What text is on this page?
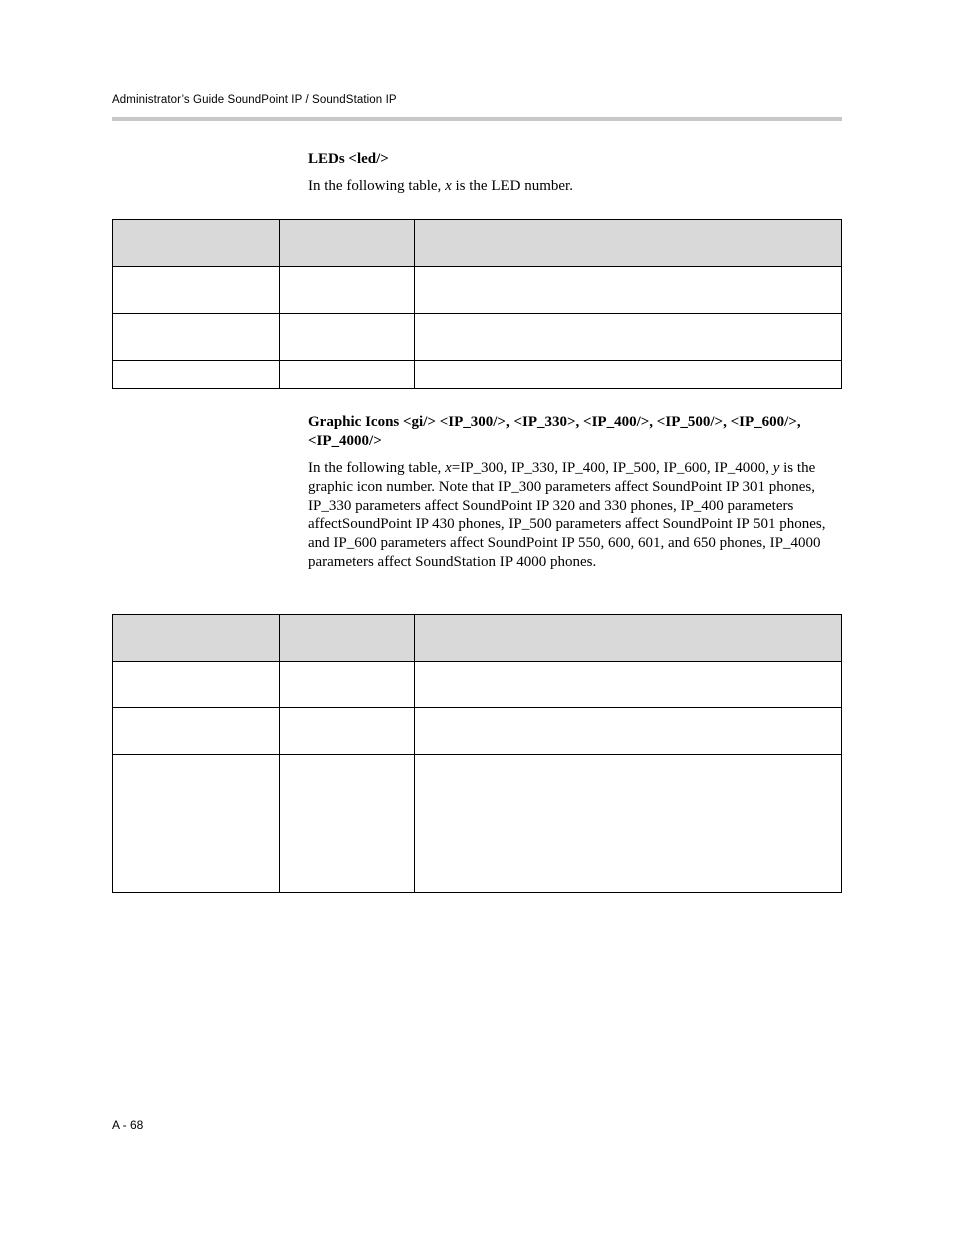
Administrator’s Guide SoundPoint IP / SoundStation IP
LEDs <led/>
In the following table, x is the LED number.

Graphic Icons <gi/> <IP_300/>, <IP_330>, <IP_400/>, <IP_500/>, <IP_600/>, <IP_4000/>
In the following table, x=IP_300, IP_330, IP_400, IP_500, IP_600, IP_4000, y is the graphic icon number. Note that IP_300 parameters affect SoundPoint IP 301 phones, IP_330 parameters affect SoundPoint IP 320 and 330 phones, IP_400 parameters affectSoundPoint IP 430 phones, IP_500 parameters affect SoundPoint IP 501 phones, and IP_600 parameters affect SoundPoint IP 550, 600, 601, and 650 phones, IP_4000 parameters affect SoundStation IP 4000 phones.

A - 68
